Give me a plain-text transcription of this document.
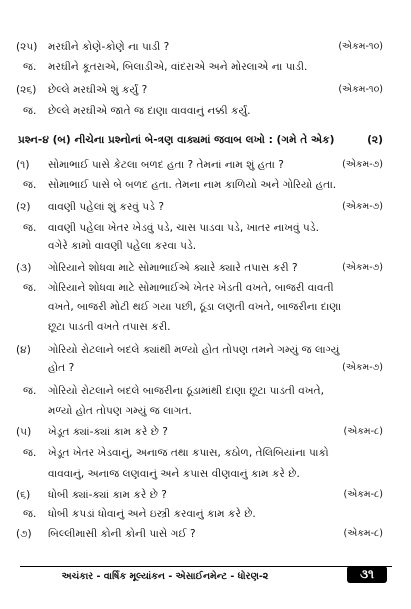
(૨૫) મરઘીને કોણે-કોણે ના પાડી ?	(એકમ-૧૦)
જ. મરઘીને કૂતરાએ, બિલાડીએ, વાંદરાએ અને મોરલાએ ના પાડી.
(૨૬) છેલ્લે મરઘીએ શું કર્યું ?	(એકમ-૧૦)
જ. છેલ્લે મરઘીએ જાતે જ દાણા વાવવાનું નક્કી કર્યું.
પ્રશ્ન-૪ (બ) નીચેના પ્રશ્નોનાં બે-ત્રણ વાક્યમાં જવાબ લખો : (ગમે તે એક)	(૨)
(૧) સોમાભાઈ પાસે કેટલા બળદ હતા ? તેમનાં નામ શું હતા ?	(એકમ-૭)
જ. સોમાભાઈ પાસે બે બળદ હતા. તેમના નામ કાળિયો અને ગોરિયો હતા.
(૨) વાવણી પહેલાં શું કરવું પડે ?	(એકમ-૭)
જ. વાવણી પહેલા ખેતર ખેડવું પડે, ચાસ પાડવા પડે, ખાતર નાખવું પડે.
વગેરે કામો વાવણી પહેલા કરવા પડે.
(૩) ગોરિયાને શોધવા માટે સોમાભાઈએ ક્યારે ક્યારે તપાસ કરી ?	(એકમ-૭)
જ. ગોરિયાને શોધવા માટે સોમાભાઈએ ખેતર ખેડતી વખતે, બાજરી વાવતી
વખતે, બાજરી મોટી થઈ ગયા પછી, ઠૂંડા લણતી વખતે, બાજરીના દાણા
છૂટા પાડતી વખતે તપાસ કરી.
(૪) ગોરિયો રોટલાને બદલે ક્યાંથી મળ્યો હોત તોપણ તમને ગમ્યું જ લાગ્યું
હોત ?	(એકમ-૭)
જ. ગોરિયો રોટલાને બદલે બાજરીના ઠૂંડામાંથી દાણા છૂટા પાડતી વખતે,
મળ્યો હોત તોપણ ગમ્યું જ લાગત.
(૫) ખેડૂત ક્યાં-ક્યાં કામ કરે છે ?	(એકમ-૮)
જ. ખેડૂત ખેતર ખેડવાનું, અનાજ તથા કપાસ, કઠોળ, તેલિબિયાંના પાકો
વાવવાનું, અનાજ લણવાનું અને કપાસ વીણવાનું કામ કરે છે.
(૬) ધોબી ક્યાં-ક્યાં કામ કરે છે ?	(એકમ-૮)
જ. ધોબી કપડાં ધોવાનું અને ઇસ્ત્રી કરવાનું કામ કરે છે.
(૭) બિલ્લીમાસી કોની કોની પાસે ગઈ ?	(એકમ-૮)
અચંકાર - વાર્ષિક મૂલ્યાંકન - એસાઈનમેન્ટ - ધોરણ-૨	૩૧
